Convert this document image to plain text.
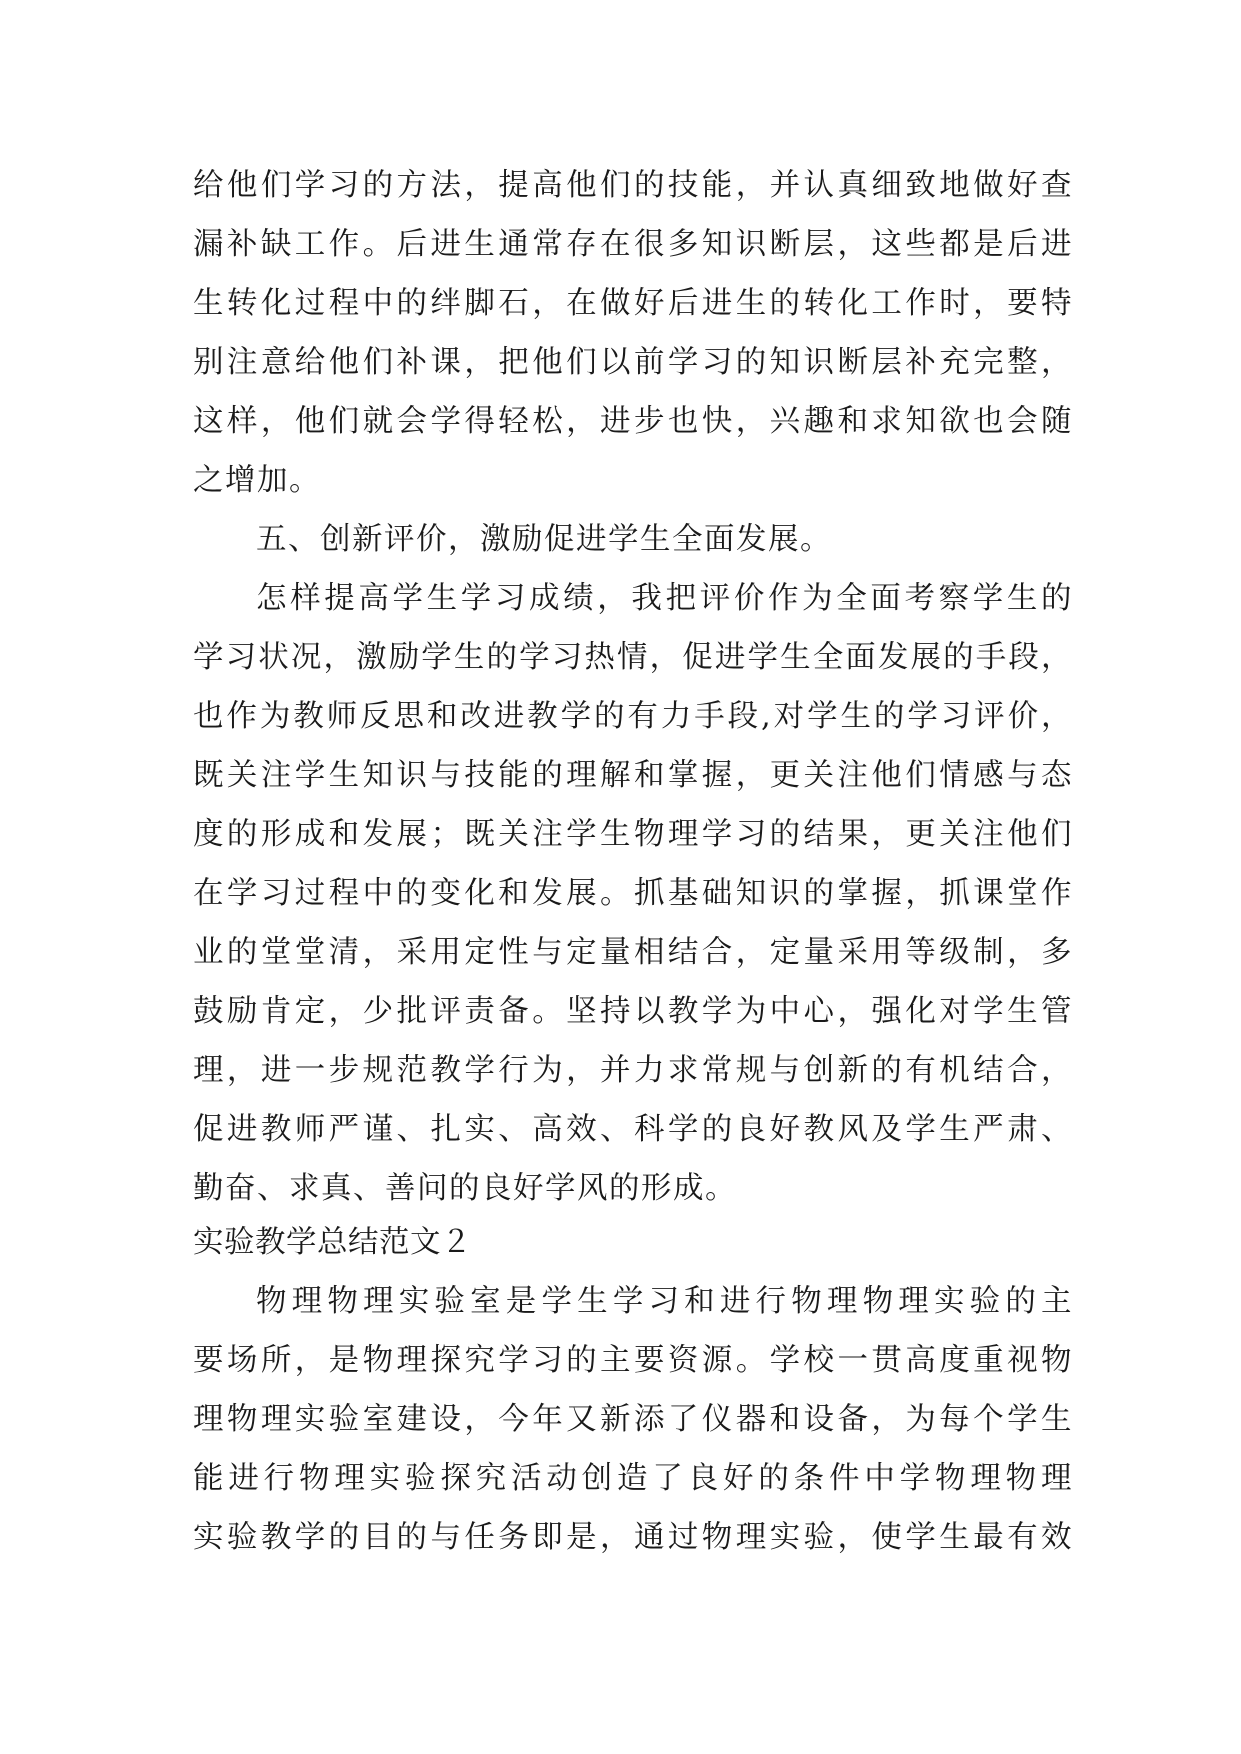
给他们学习的方法，提高他们的技能，并认真细致地做好查
漏补缺工作。后进生通常存在很多知识断层，这些都是后进
生转化过程中的绊脚石，在做好后进生的转化工作时，要特
别注意给他们补课，把他们以前学习的知识断层补充完整，
这样，他们就会学得轻松，进步也快，兴趣和求知欲也会随
之增加。
五、创新评价，激励促进学生全面发展。
怎样提高学生学习成绩，我把评价作为全面考察学生的
学习状况，激励学生的学习热情，促进学生全面发展的手段，
也作为教师反思和改进教学的有力手段,对学生的学习评价，
既关注学生知识与技能的理解和掌握，更关注他们情感与态
度的形成和发展；既关注学生物理学习的结果，更关注他们
在学习过程中的变化和发展。抓基础知识的掌握，抓课堂作
业的堂堂清，采用定性与定量相结合，定量采用等级制，多
鼓励肯定，少批评责备。坚持以教学为中心，强化对学生管
理，进一步规范教学行为，并力求常规与创新的有机结合，
促进教师严谨、扎实、高效、科学的良好教风及学生严肃、
勤奋、求真、善问的良好学风的形成。
实验教学总结范文２
物理物理实验室是学生学习和进行物理物理实验的主
要场所，是物理探究学习的主要资源。学校一贯高度重视物
理物理实验室建设，今年又新添了仪器和设备，为每个学生
能进行物理实验探究活动创造了良好的条件中学物理物理
实验教学的目的与任务即是，通过物理实验，使学生最有效
